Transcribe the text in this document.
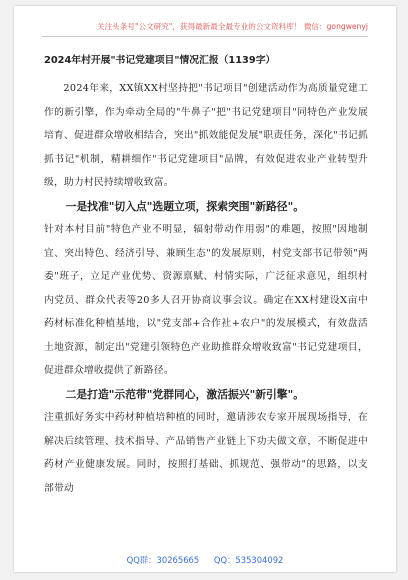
关注头条号"公文研究"，获得最新最全最专业的公文资料库！ 微信：gongwenyj
2024年村开展"书记党建项目"情况汇报（1139字）

2024年来，XX镇XX村坚持把"书记项目"创建活动作为高质量党建工作的新引擎，作为牵动全局的"牛鼻子"把"书记党建项目"同特色产业发展培育、促进群众增收相结合，突出"抓效能促发展"职责任务，深化"书记抓抓书记"机制，精耕细作"书记党建项目"品牌，有效促进农业产业转型升级，助力村民持续增收致富。

一是找准"切入点"选题立项，探索突围"新路径"。

针对本村目前"特色产业不明显，辐射带动作用弱"的难题，按照"因地制宜、突出特色、经济引导、兼顾生态"的发展原则，村党支部书记带领"两委"班子，立足产业优势、资源禀赋、村情实际，广泛征求意见，组织村内党员、群众代表等20多人召开协商议事会议。确定在XX村建设X亩中药材标准化种植基地，以"党支部+合作社+农户"的发展模式，有效盘活土地资源，制定出"党建引领特色产业助推群众增收致富"书记党建项目，促进群众增收提供了新路径。

二是打造"示范带"党群同心，激活振兴"新引擎"。

注重抓好务实中药材种植培种植的同时，邀请涉农专家开展现场指导，在解决后续管理、技术指导、产品销售产业链上下功夫做文章，不断促进中药材产业健康发展。同时，按照打基础、抓规范、强带动"的思路，以支部带动

QQ群：30265665 QQ：535304092
